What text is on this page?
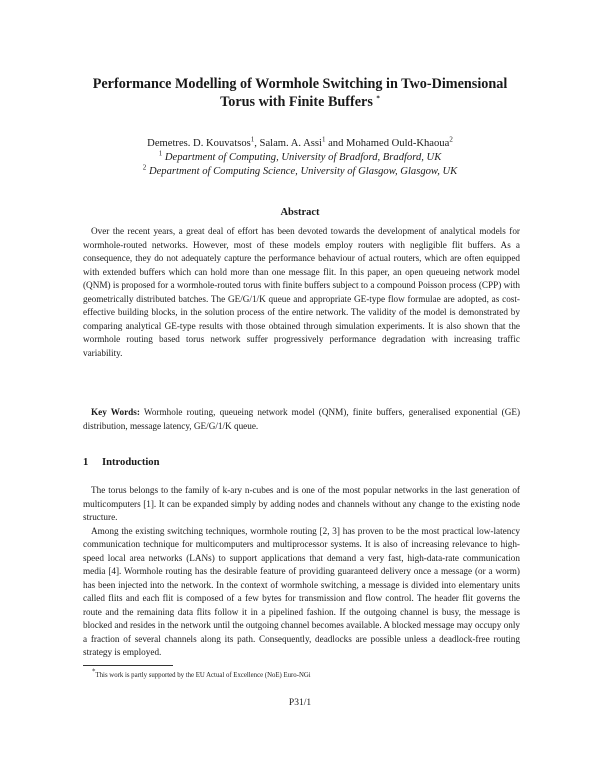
Performance Modelling of Wormhole Switching in Two-Dimensional
Torus with Finite Buffers *
Demetres. D. Kouvatsos$^1$, Salam. A. Assi$^1$ and Mohamed Ould-Khaoua$^2$
$^1$ Department of Computing, University of Bradford, Bradford, UK
$^2$ Department of Computing Science, University of Glasgow, Glasgow, UK
Abstract

Over the recent years, a great deal of effort has been devoted towards the development of analytical models for wormhole-routed networks. However, most of these models employ routers with negligible flit buffers. As a consequence, they do not adequately capture the performance behaviour of actual routers, which are often equipped with extended buffers which can hold more than one message flit. In this paper, an open queueing network model (QNM) is proposed for a wormhole-routed torus with finite buffers subject to a compound Poisson process (CPP) with geometrically distributed batches. The GE/G/1/K queue and appropriate GE-type flow formulae are adopted, as cost-effective building blocks, in the solution process of the entire network. The validity of the model is demonstrated by comparing analytical GE-type results with those obtained through simulation experiments. It is also shown that the wormhole routing based torus network suffer progressively performance degradation with increasing traffic variability.

Key Words: Wormhole routing, queueing network model (QNM), finite buffers, generalised exponential (GE) distribution, message latency, GE/G/1/K queue.

1 Introduction

The torus belongs to the family of k-ary n-cubes and is one of the most popular networks in the last generation of multicomputers [1]. It can be expanded simply by adding nodes and channels without any change to the existing node structure.

Among the existing switching techniques, wormhole routing [2, 3] has proven to be the most practical low-latency communication technique for multicomputers and multiprocessor systems. It is also of increasing relevance to high-speed local area networks (LANs) to support applications that demand a very fast, high-data-rate communication media [4]. Wormhole routing has the desirable feature of providing guaranteed delivery once a message (or a worm) has been injected into the network. In the context of wormhole switching, a message is divided into elementary units called flits and each flit is composed of a few bytes for transmission and flow control. The header flit governs the route and the remaining data flits follow it in a pipelined fashion. If the outgoing channel is busy, the message is blocked and resides in the network until the outgoing channel becomes available. A blocked message may occupy only a fraction of several channels along its path. Consequently, deadlocks are possible unless a deadlock-free routing strategy is employed.

*This work is partly supported by the EU Actual of Excellence (NoE) Euro-NGi
P31/1
